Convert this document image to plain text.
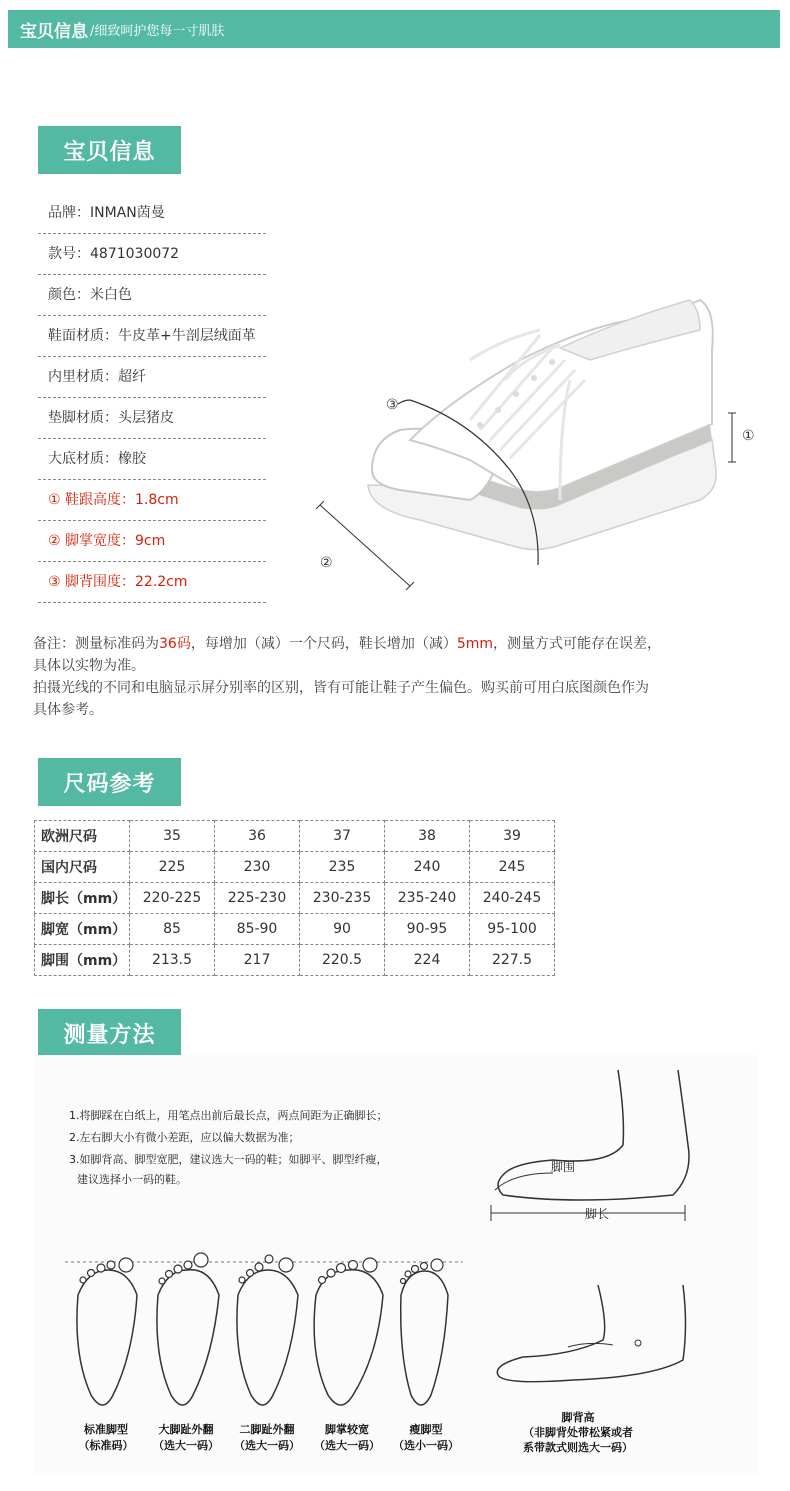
宝贝信息 /细致呵护您每一寸肌肤
宝贝信息
品牌：INMAN茵曼
款号：4871030072
颜色：米白色
鞋面材质：牛皮革+牛剖层绒面革
内里材质：超纤
垫脚材质：头层猪皮
大底材质：橡胶
① 鞋跟高度：1.8cm
② 脚掌宽度：9cm
③ 脚背围度：22.2cm
③
②
①
备注：测量标准码为36码，每增加（减）一个尺码，鞋长增加（减）5mm，测量方式可能存在误差，
具体以实物为准。
拍摄光线的不同和电脑显示屏分别率的区别，皆有可能让鞋子产生偏色。购买前可用白底图颜色作为
具体参考。
尺码参考
欧洲尺码	35	36	37	38	39
国内尺码	225	230	235	240	245
脚长（mm）	220-225	225-230	230-235	235-240	240-245
脚宽（mm）	85	85-90	90	90-95	95-100
脚围（mm）	213.5	217	220.5	224	227.5
测量方法
1.将脚踩在白纸上，用笔点出前后最长点，两点间距为正确脚长；
2.左右脚大小有微小差距，应以偏大数据为准；
3.如脚背高、脚型宽肥，建议选大一码的鞋；如脚平、脚型纤瘦，
建议选择小一码的鞋。
脚围
脚长
标准脚型
（标准码）
大脚趾外翻
（选大一码）
二脚趾外翻
（选大一码）
脚掌较宽
（选大一码）
瘦脚型
（选小一码）
脚背高
（非脚背处带松紧或者
系带款式则选大一码）
